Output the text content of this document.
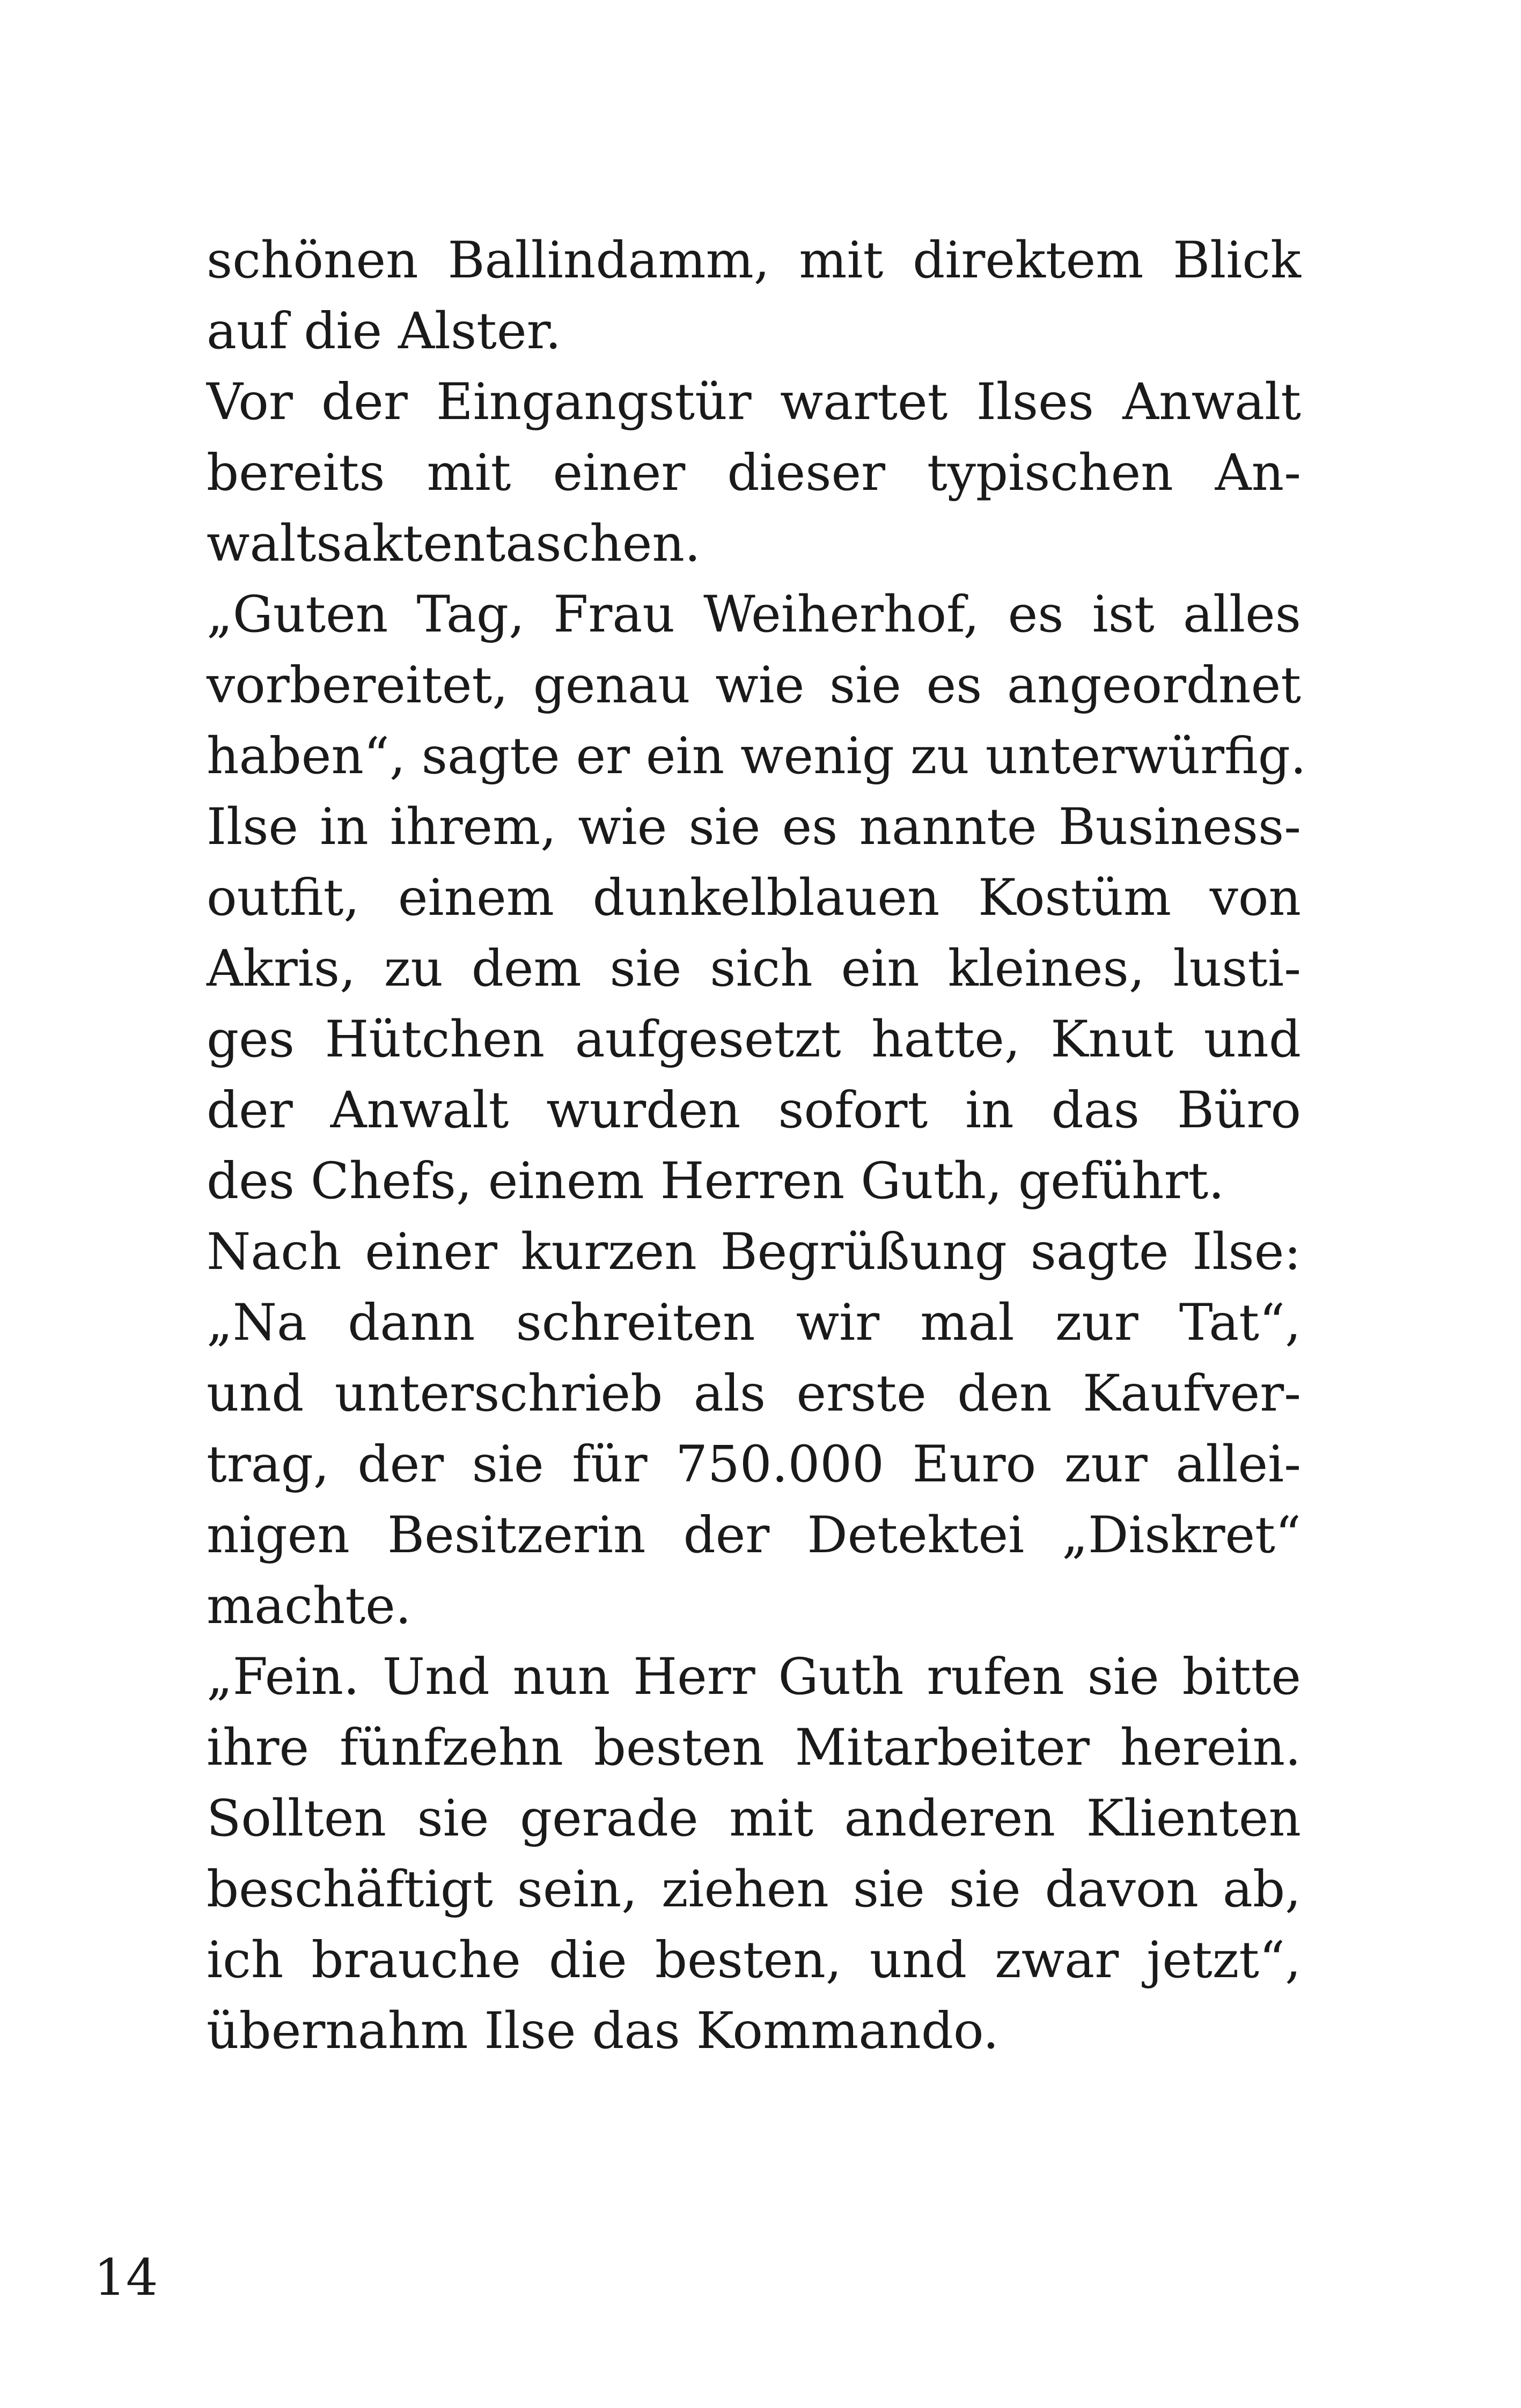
schönen Ballindamm, mit direktem Blick
auf die Alster.
Vor der Eingangstür wartet Ilses Anwalt
bereits mit einer dieser typischen An-
waltsaktentaschen.
„Guten Tag, Frau Weiherhof, es ist alles
vorbereitet, genau wie sie es angeordnet
haben“, sagte er ein wenig zu unterwürfig.
Ilse in ihrem, wie sie es nannte Business-
outfit, einem dunkelblauen Kostüm von
Akris, zu dem sie sich ein kleines, lusti-
ges Hütchen aufgesetzt hatte, Knut und
der Anwalt wurden sofort in das Büro
des Chefs, einem Herren Guth, geführt.
Nach einer kurzen Begrüßung sagte Ilse:
„Na dann schreiten wir mal zur Tat“,
und unterschrieb als erste den Kaufver-
trag, der sie für 750.000 Euro zur allei-
nigen Besitzerin der Detektei „Diskret“
machte.
„Fein. Und nun Herr Guth rufen sie bitte
ihre fünfzehn besten Mitarbeiter herein.
Sollten sie gerade mit anderen Klienten
beschäftigt sein, ziehen sie sie davon ab,
ich brauche die besten, und zwar jetzt“,
übernahm Ilse das Kommando.
14
